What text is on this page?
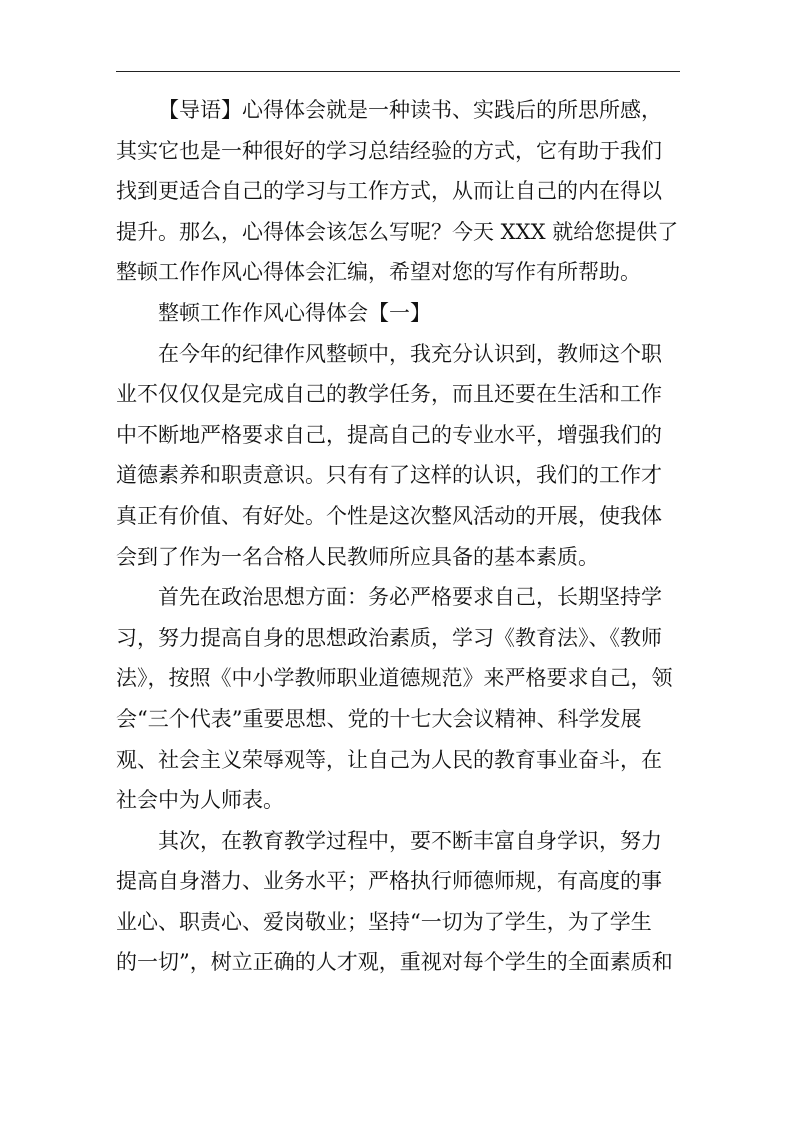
【导语】心得体会就是一种读书、实践后的所思所感，
其实它也是一种很好的学习总结经验的方式，它有助于我们
找到更适合自己的学习与工作方式，从而让自己的内在得以
提升。那么，心得体会该怎么写呢？今天 XXX 就给您提供了
整顿工作作风心得体会汇编，希望对您的写作有所帮助。
整顿工作作风心得体会【一】
在今年的纪律作风整顿中，我充分认识到，教师这个职
业不仅仅仅是完成自己的教学任务，而且还要在生活和工作
中不断地严格要求自己，提高自己的专业水平，增强我们的
道德素养和职责意识。只有有了这样的认识，我们的工作才
真正有价值、有好处。个性是这次整风活动的开展，使我体
会到了作为一名合格人民教师所应具备的基本素质。
首先在政治思想方面：务必严格要求自己，长期坚持学
习，努力提高自身的思想政治素质，学习《教育法》、《教师
法》，按照《中小学教师职业道德规范》来严格要求自己，领
会“三个代表”重要思想、党的十七大会议精神、科学发展
观、社会主义荣辱观等，让自己为人民的教育事业奋斗，在
社会中为人师表。
其次，在教育教学过程中，要不断丰富自身学识，努力
提高自身潜力、业务水平；严格执行师德师规，有高度的事
业心、职责心、爱岗敬业；坚持“一切为了学生，为了学生
的一切”，树立正确的人才观，重视对每个学生的全面素质和
